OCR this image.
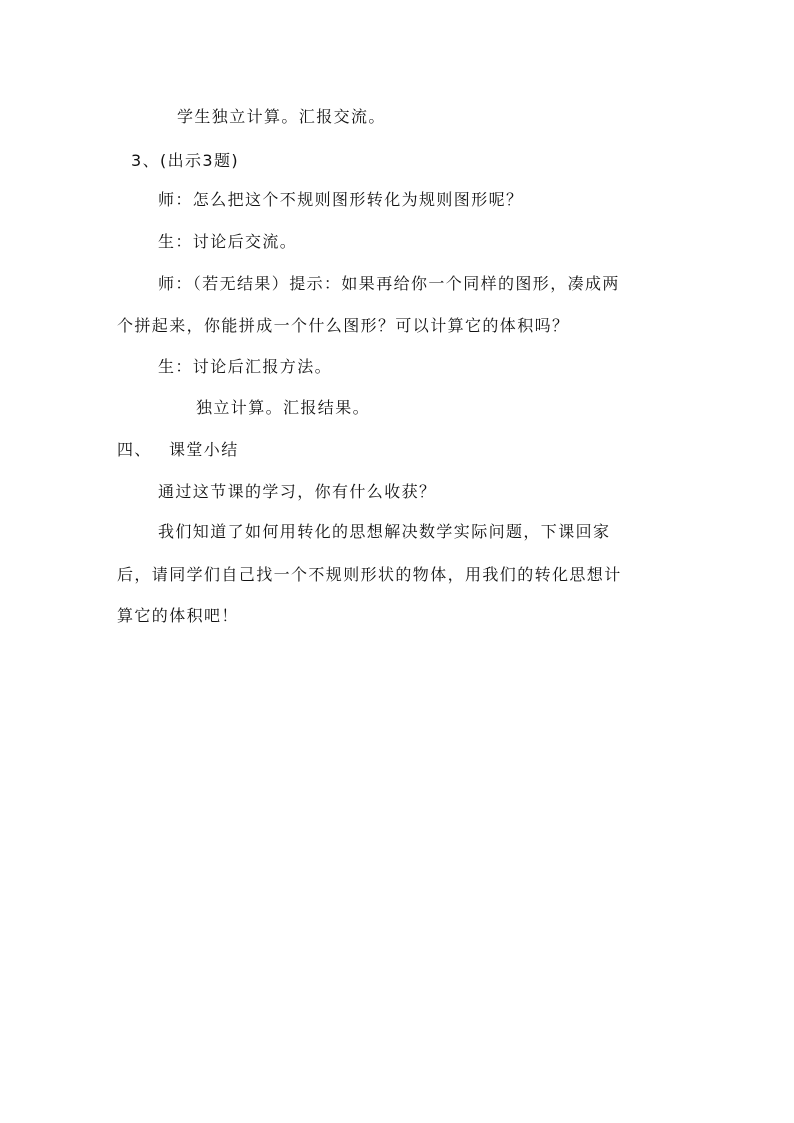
学生独立计算。汇报交流。
3、(出示3题)
师：怎么把这个不规则图形转化为规则图形呢？
生：讨论后交流。
师：（若无结果）提示：如果再给你一个同样的图形，凑成两
个拼起来，你能拼成一个什么图形？可以计算它的体积吗？
生：讨论后汇报方法。
独立计算。汇报结果。
四、 课堂小结
通过这节课的学习，你有什么收获？
我们知道了如何用转化的思想解决数学实际问题，下课回家
后，请同学们自己找一个不规则形状的物体，用我们的转化思想计
算它的体积吧！
